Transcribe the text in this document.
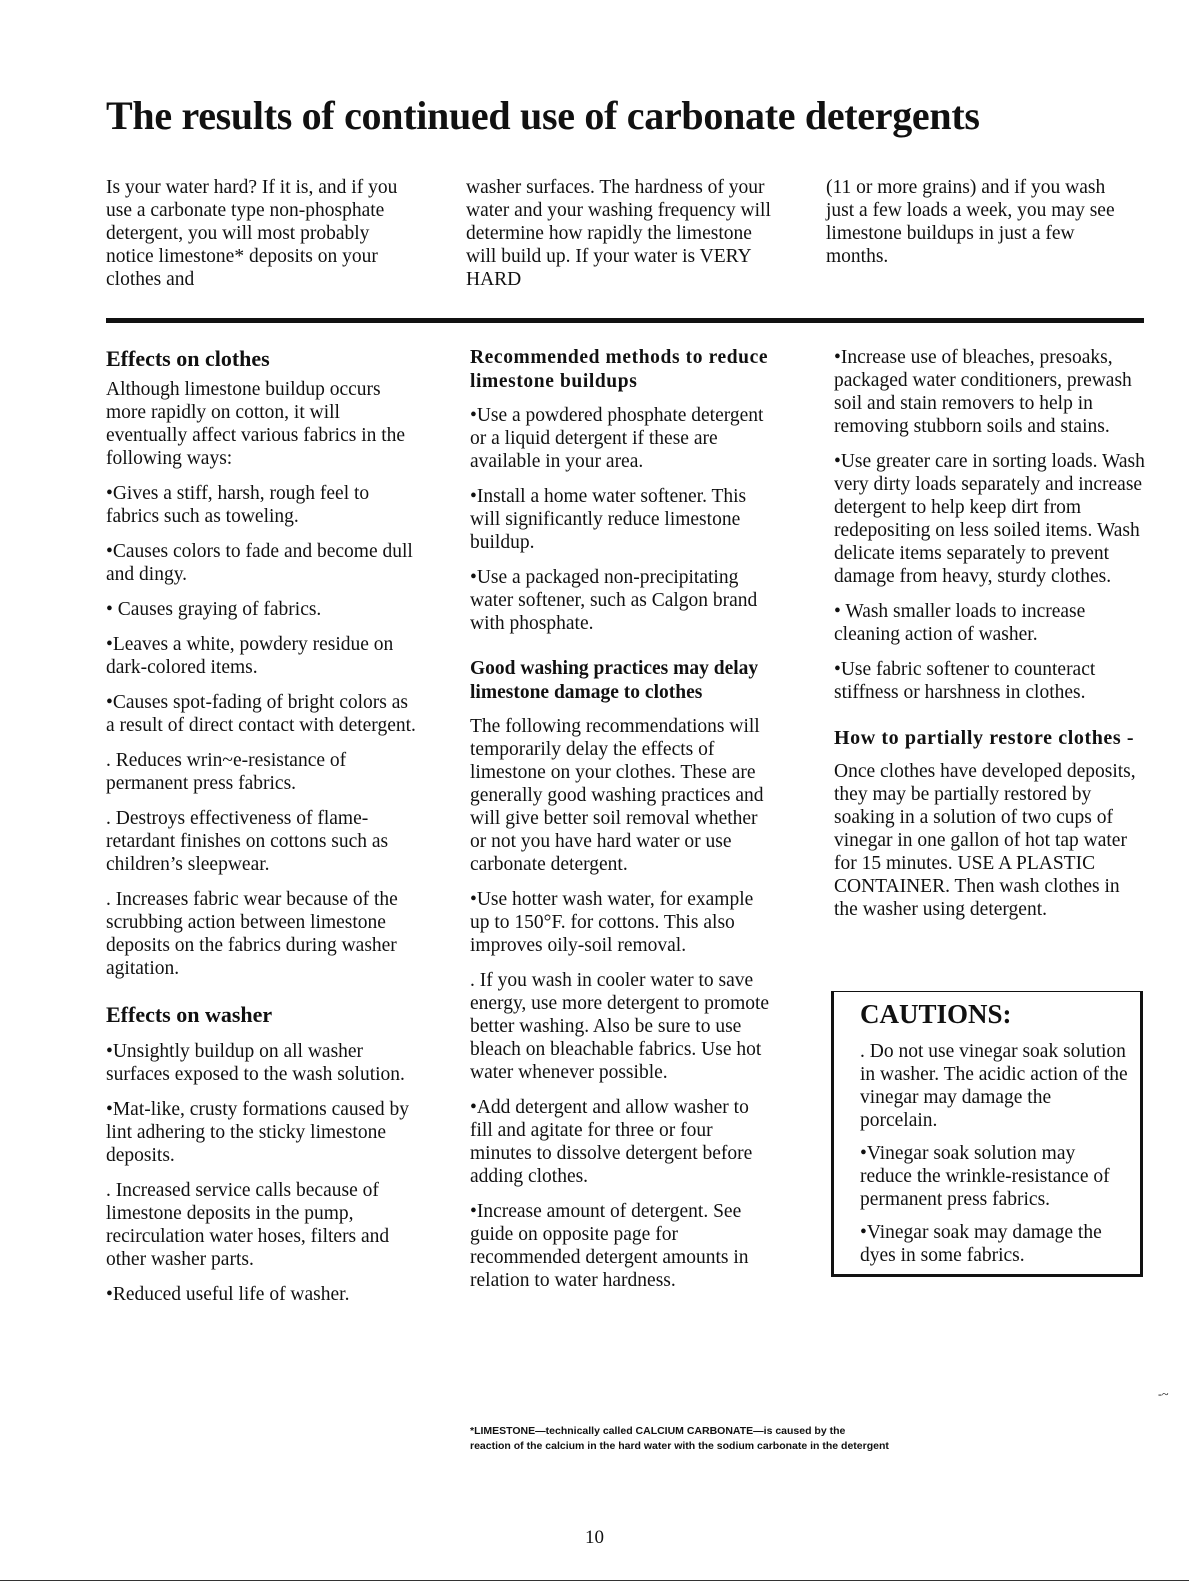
The results of continued use of carbonate detergents
Is your water hard? If it is, and if you use a carbonate type non-phosphate detergent, you will most probably notice limestone* deposits on your clothes and
washer surfaces. The hardness of your water and your washing frequency will determine how rapidly the limestone will build up. If your water is VERY HARD
(11 or more grains) and if you wash just a few loads a week, you may see limestone buildups in just a few months.
Effects on clothes

Although limestone buildup occurs more rapidly on cotton, it will eventually affect various fabrics in the following ways:

•Gives a stiff, harsh, rough feel to fabrics such as toweling.

•Causes colors to fade and become dull and dingy.

• Causes graying of fabrics.

•Leaves a white, powdery residue on dark-colored items.

•Causes spot-fading of bright colors as a result of direct contact with detergent.

. Reduces wrin~e-resistance of permanent press fabrics.

. Destroys effectiveness of flame-retardant finishes on cottons such as children’s sleepwear.

. Increases fabric wear because of the scrubbing action between limestone deposits on the fabrics during washer agitation.

Effects on washer

•Unsightly buildup on all washer surfaces exposed to the wash solution.

•Mat-like, crusty formations caused by lint adhering to the sticky limestone deposits.

. Increased service calls because of limestone deposits in the pump, recirculation water hoses, filters and other washer parts.

•Reduced useful life of washer.

Recommended methods to reduce limestone buildups

•Use a powdered phosphate detergent or a liquid detergent if these are available in your area.

•Install a home water softener. This will significantly reduce limestone buildup.

•Use a packaged non-precipitating water softener, such as Calgon brand with phosphate.

Good washing practices may delay limestone damage to clothes

The following recommendations will temporarily delay the effects of limestone on your clothes. These are generally good washing practices and will give better soil removal whether or not you have hard water or use carbonate detergent.

•Use hotter wash water, for example up to 150°F. for cottons. This also improves oily-soil removal.

. If you wash in cooler water to save energy, use more detergent to promote better washing. Also be sure to use bleach on bleachable fabrics. Use hot water whenever possible.

•Add detergent and allow washer to fill and agitate for three or four minutes to dissolve detergent before adding clothes.

•Increase amount of detergent. See guide on opposite page for recommended detergent amounts in relation to water hardness.

•Increase use of bleaches, presoaks, packaged water conditioners, prewash soil and stain removers to help in removing stubborn soils and stains.

•Use greater care in sorting loads. Wash very dirty loads separately and increase detergent to help keep dirt from redepositing on less soiled items. Wash delicate items separately to prevent damage from heavy, sturdy clothes.

• Wash smaller loads to increase cleaning action of washer.

•Use fabric softener to counteract stiffness or harshness in clothes.

How to partially restore clothes -

Once clothes have developed deposits, they may be partially restored by soaking in a solution of two cups of vinegar in one gallon of hot tap water for 15 minutes. USE A PLASTIC CONTAINER. Then wash clothes in the washer using detergent.

CAUTIONS:

. Do not use vinegar soak solution in washer. The acidic action of the vinegar may damage the porcelain.

•Vinegar soak solution may reduce the wrinkle-resistance of permanent press fabrics.

•Vinegar soak may damage the dyes in some fabrics.

-~
*LIMESTONE—technically called CALCIUM CARBONATE—is caused by the
reaction of the calcium in the hard water with the sodium carbonate in the detergent
10
